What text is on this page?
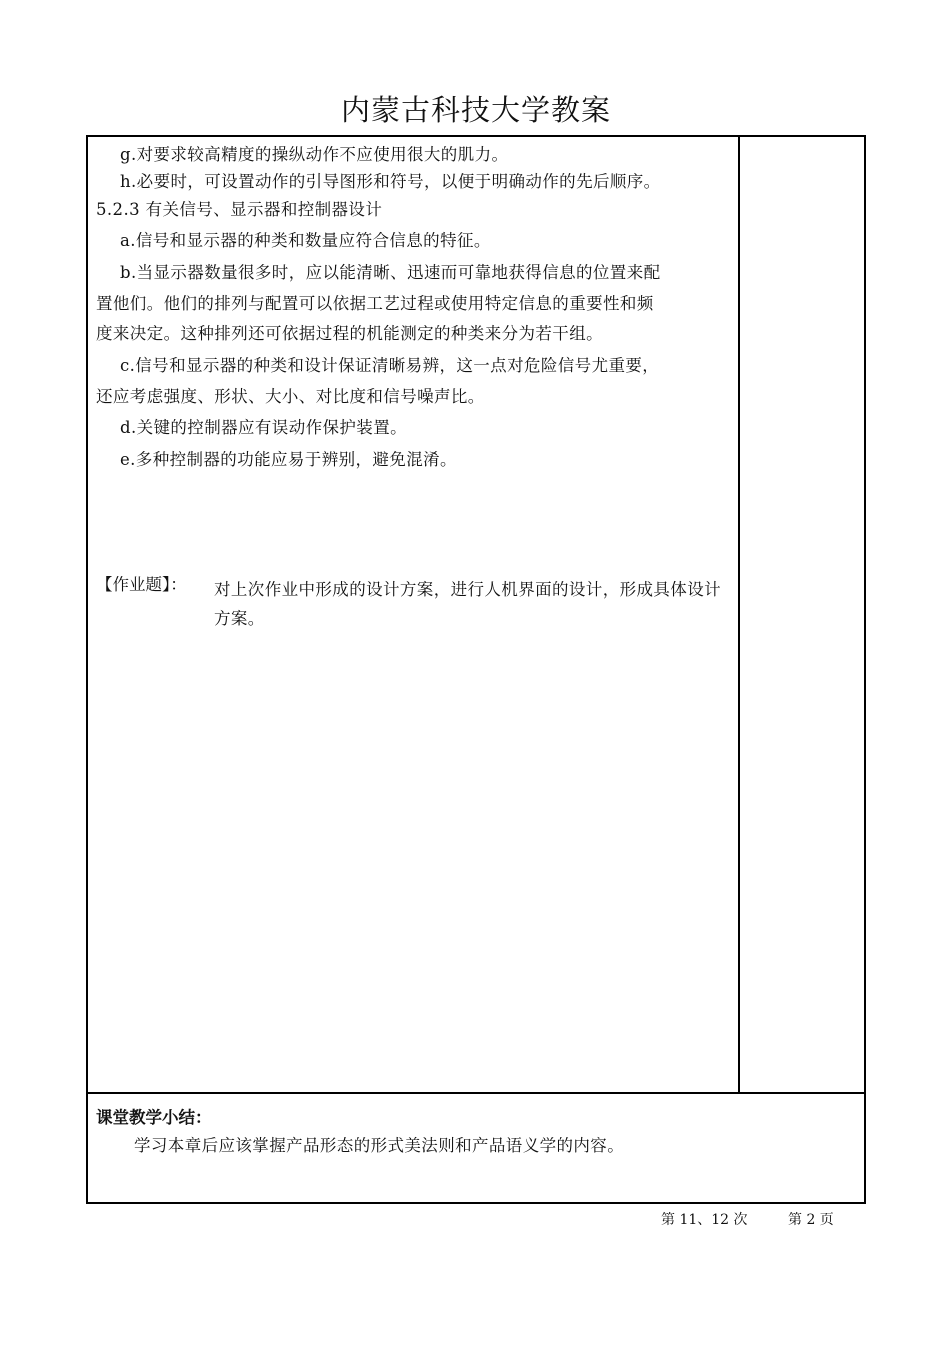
内蒙古科技大学教案
g.对要求较高精度的操纵动作不应使用很大的肌力。
h.必要时，可设置动作的引导图形和符号，以便于明确动作的先后顺序。
5.2.3 有关信号、显示器和控制器设计
a.信号和显示器的种类和数量应符合信息的特征。
b.当显示器数量很多时，应以能清晰、迅速而可靠地获得信息的位置来配
置他们。他们的排列与配置可以依据工艺过程或使用特定信息的重要性和频
度来决定。这种排列还可依据过程的机能测定的种类来分为若干组。
c.信号和显示器的种类和设计保证清晰易辨，这一点对危险信号尤重要，
还应考虑强度、形状、大小、对比度和信号噪声比。
d.关键的控制器应有误动作保护装置。
e.多种控制器的功能应易于辨别，避免混淆。
【作业题】： 对上次作业中形成的设计方案，进行人机界面的设计，形成具体设计方案。
课堂教学小结：
学习本章后应该掌握产品形态的形式美法则和产品语义学的内容。
第 11、12 次	第 2 页
